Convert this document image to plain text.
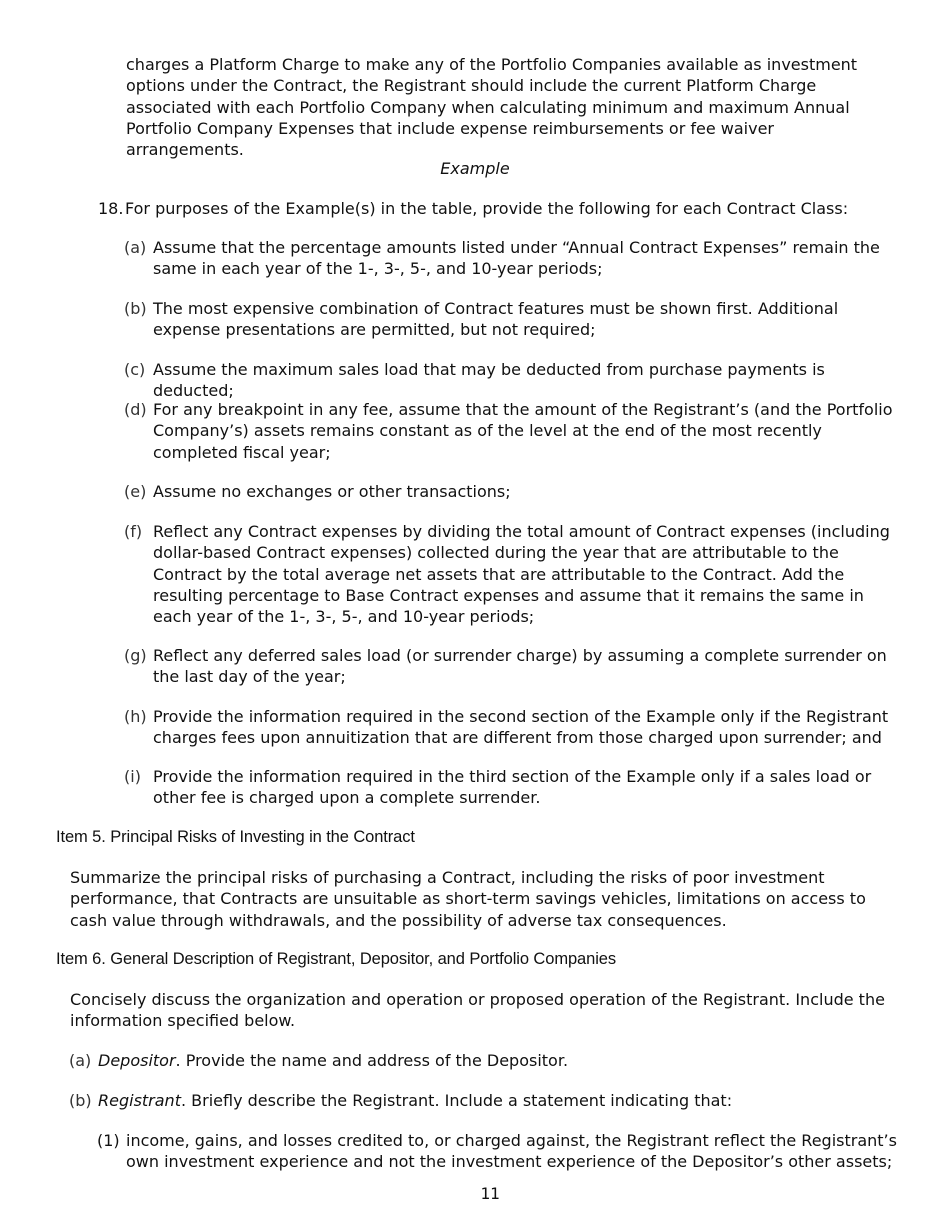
charges a Platform Charge to make any of the Portfolio Companies available as investment options under the Contract, the Registrant should include the current Platform Charge associated with each Portfolio Company when calculating minimum and maximum Annual Portfolio Company Expenses that include expense reimbursements or fee waiver arrangements.

Example

18.For purposes of the Example(s) in the table, provide the following for each Contract Class:

(a) Assume that the percentage amounts listed under “Annual Contract Expenses” remain the same in each year of the 1-, 3-, 5-, and 10-year periods;
(b) The most expensive combination of Contract features must be shown first. Additional expense presentations are permitted, but not required;
(c) Assume the maximum sales load that may be deducted from purchase payments is deducted;
(d) For any breakpoint in any fee, assume that the amount of the Registrant’s (and the Portfolio Company’s) assets remains constant as of the level at the end of the most recently completed fiscal year;
(e) Assume no exchanges or other transactions;
(f) Reflect any Contract expenses by dividing the total amount of Contract expenses (including dollar-based Contract expenses) collected during the year that are attributable to the Contract by the total average net assets that are attributable to the Contract. Add the resulting percentage to Base Contract expenses and assume that it remains the same in each year of the 1-, 3-, 5-, and 10-year periods;
(g) Reflect any deferred sales load (or surrender charge) by assuming a complete surrender on the last day of the year;
(h) Provide the information required in the second section of the Example only if the Registrant charges fees upon annuitization that are different from those charged upon surrender; and
(i) Provide the information required in the third section of the Example only if a sales load or other fee is charged upon a complete surrender.
Item 5. Principal Risks of Investing in the Contract

Summarize the principal risks of purchasing a Contract, including the risks of poor investment performance, that Contracts are unsuitable as short-term savings vehicles, limitations on access to cash value through withdrawals, and the possibility of adverse tax consequences.

Item 6. General Description of Registrant, Depositor, and Portfolio Companies

Concisely discuss the organization and operation or proposed operation of the Registrant. Include the information specified below.

(a) Depositor. Provide the name and address of the Depositor.
(b) Registrant. Briefly describe the Registrant. Include a statement indicating that:
(1) income, gains, and losses credited to, or charged against, the Registrant reflect the Registrant’s own investment experience and not the investment experience of the Depositor’s other assets;
11
